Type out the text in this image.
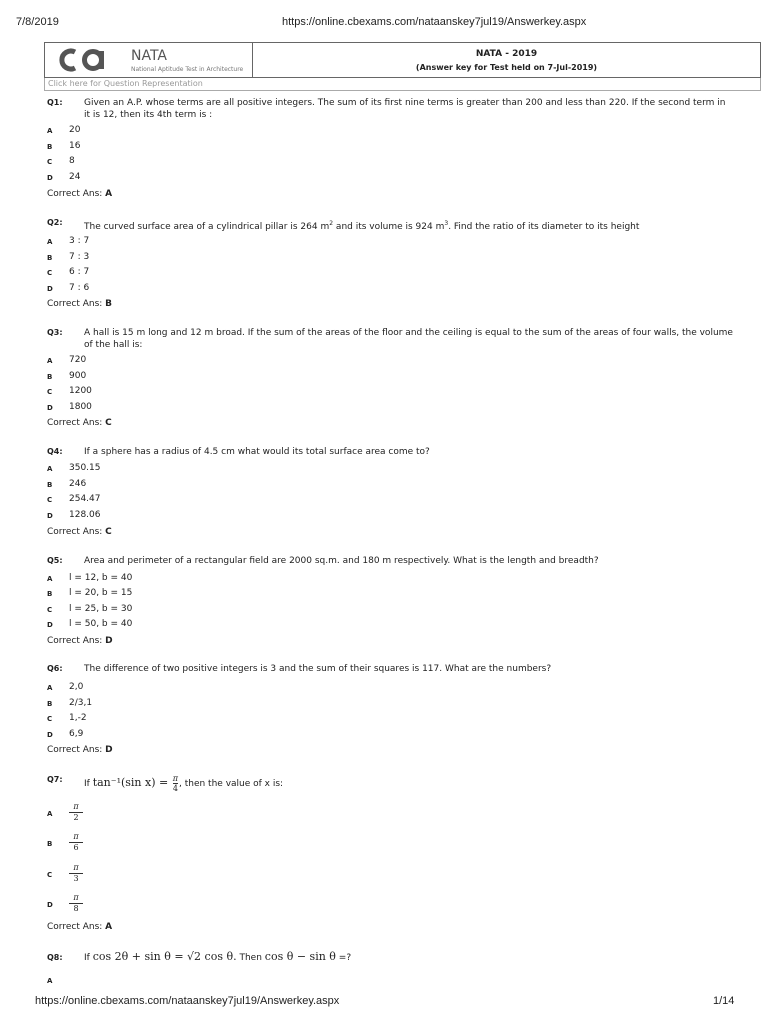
7/8/2019	https://online.cbexams.com/nataanskey7jul19/Answerkey.aspx
NATA
National Aptitude Test in Architecture
NATA - 2019
(Answer key for Test held on 7-Jul-2019)
Click here for Question Representation
Q1: Given an A.P. whose terms are all positive integers. The sum of its first nine terms is greater than 200 and less than 220. If the second term in it is 12, then its 4th term is :
A 20
B 16
C 8
D 24
Correct Ans: A
Q2: The curved surface area of a cylindrical pillar is 264 $m^2$ and its volume is 924 $m^3$. Find the ratio of its diameter to its height
A 3 : 7
B 7 : 3
C 6 : 7
D 7 : 6
Correct Ans: B
Q3: A hall is 15 m long and 12 m broad. If the sum of the areas of the floor and the ceiling is equal to the sum of the areas of four walls, the volume of the hall is:
A 720
B 900
C 1200
D 1800
Correct Ans: C
Q4: If a sphere has a radius of 4.5 cm what would its total surface area come to?
A 350.15
B 246
C 254.47
D 128.06
Correct Ans: C
Q5: Area and perimeter of a rectangular field are 2000 sq.m. and 180 m respectively. What is the length and breadth?
A l = 12, b = 40
B l = 20, b = 15
C l = 25, b = 30
D l = 50, b = 40
Correct Ans: D
Q6: The difference of two positive integers is 3 and the sum of their squares is 117. What are the numbers?
A 2,0
B 2/3,1
C 1,-2
D 6,9
Correct Ans: D
Q7: If tan⁻¹(sin $x) = \frac{\pi}{4}$ , then the value of x is:
A $\frac{\pi}{2}$
B $\frac{\pi}{6}$
C $\frac{\pi}{3}$
D $\frac{\pi}{8}$
Correct Ans: A
Q8: If cos 2θ + sin θ = √2 cos θ. Then cos θ − sin θ =?
A
https://online.cbexams.com/nataanskey7jul19/Answerkey.aspx	1/14
